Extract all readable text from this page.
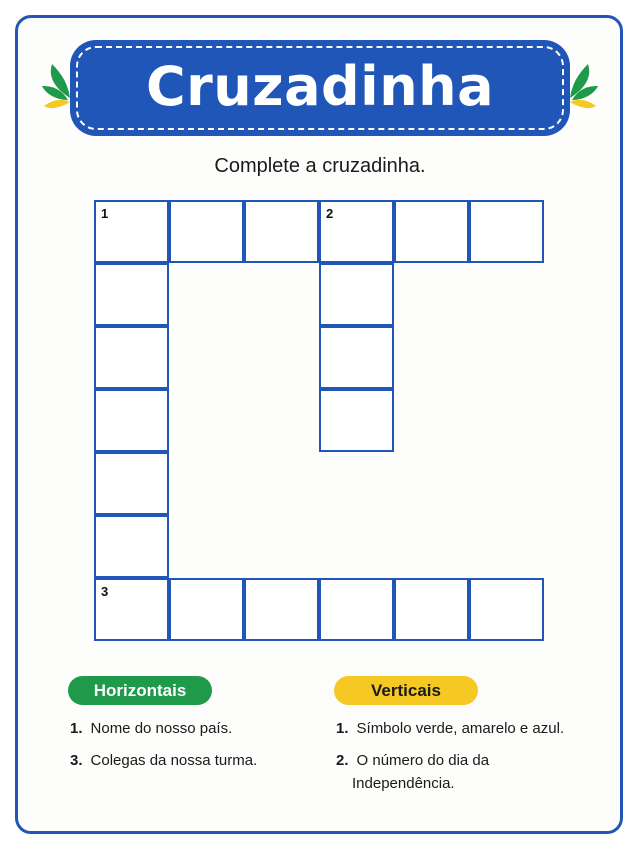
Cruzadinha
Complete a cruzadinha.
1	2
3
Horizontais	Verticais
1. Nome do nosso país.
3. Colegas da nossa turma.
1. Símbolo verde, amarelo e azul.
2. O número do dia da
Independência.
